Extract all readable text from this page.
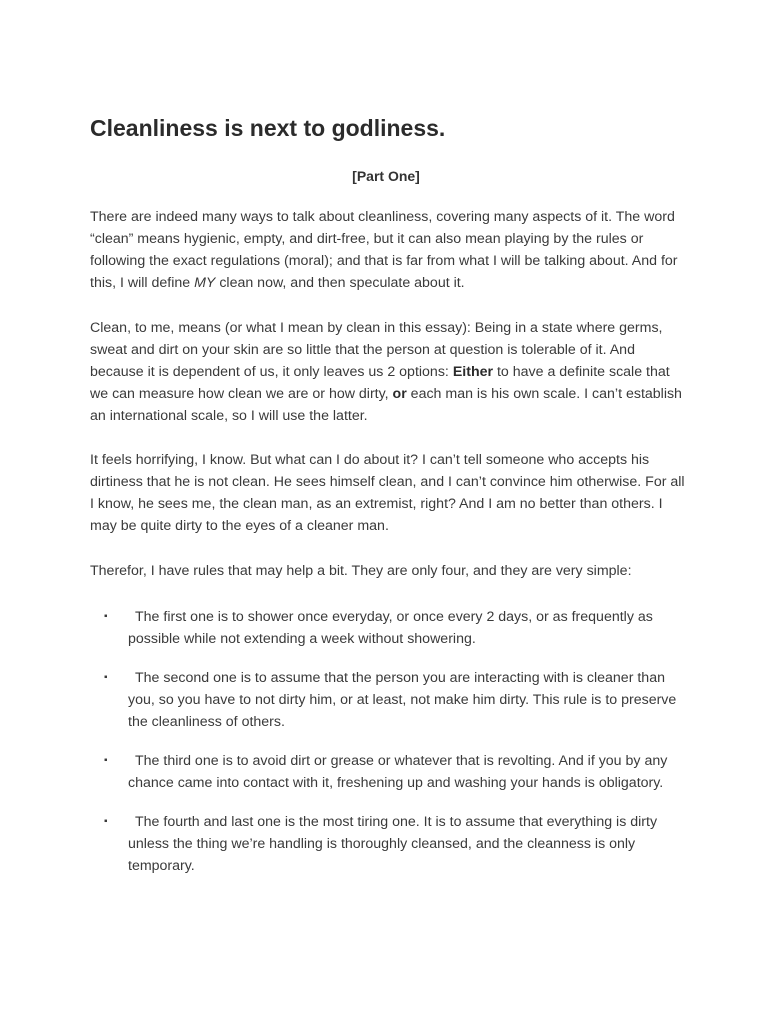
Cleanliness is next to godliness.

[Part One]

There are indeed many ways to talk about cleanliness, covering many aspects of it. The word “clean” means hygienic, empty, and dirt-free, but it can also mean playing by the rules or following the exact regulations (moral); and that is far from what I will be talking about. And for this, I will define MY clean now, and then speculate about it.

Clean, to me, means (or what I mean by clean in this essay): Being in a state where germs, sweat and dirt on your skin are so little that the person at question is tolerable of it. And because it is dependent of us, it only leaves us 2 options: Either to have a definite scale that we can measure how clean we are or how dirty, or each man is his own scale. I can’t establish an international scale, so I will use the latter.

It feels horrifying, I know. But what can I do about it? I can’t tell someone who accepts his dirtiness that he is not clean. He sees himself clean, and I can’t convince him otherwise. For all I know, he sees me, the clean man, as an extremist, right? And I am no better than others. I may be quite dirty to the eyes of a cleaner man.

Therefor, I have rules that may help a bit. They are only four, and they are very simple:

▪	The first one is to shower once everyday, or once every 2 days, or as frequently as possible while not extending a week without showering.

▪	The second one is to assume that the person you are interacting with is cleaner than you, so you have to not dirty him, or at least, not make him dirty. This rule is to preserve the cleanliness of others.

▪	The third one is to avoid dirt or grease or whatever that is revolting. And if you by any chance came into contact with it, freshening up and washing your hands is obligatory.

▪	The fourth and last one is the most tiring one. It is to assume that everything is dirty unless the thing we’re handling is thoroughly cleansed, and the cleanness is only temporary.
